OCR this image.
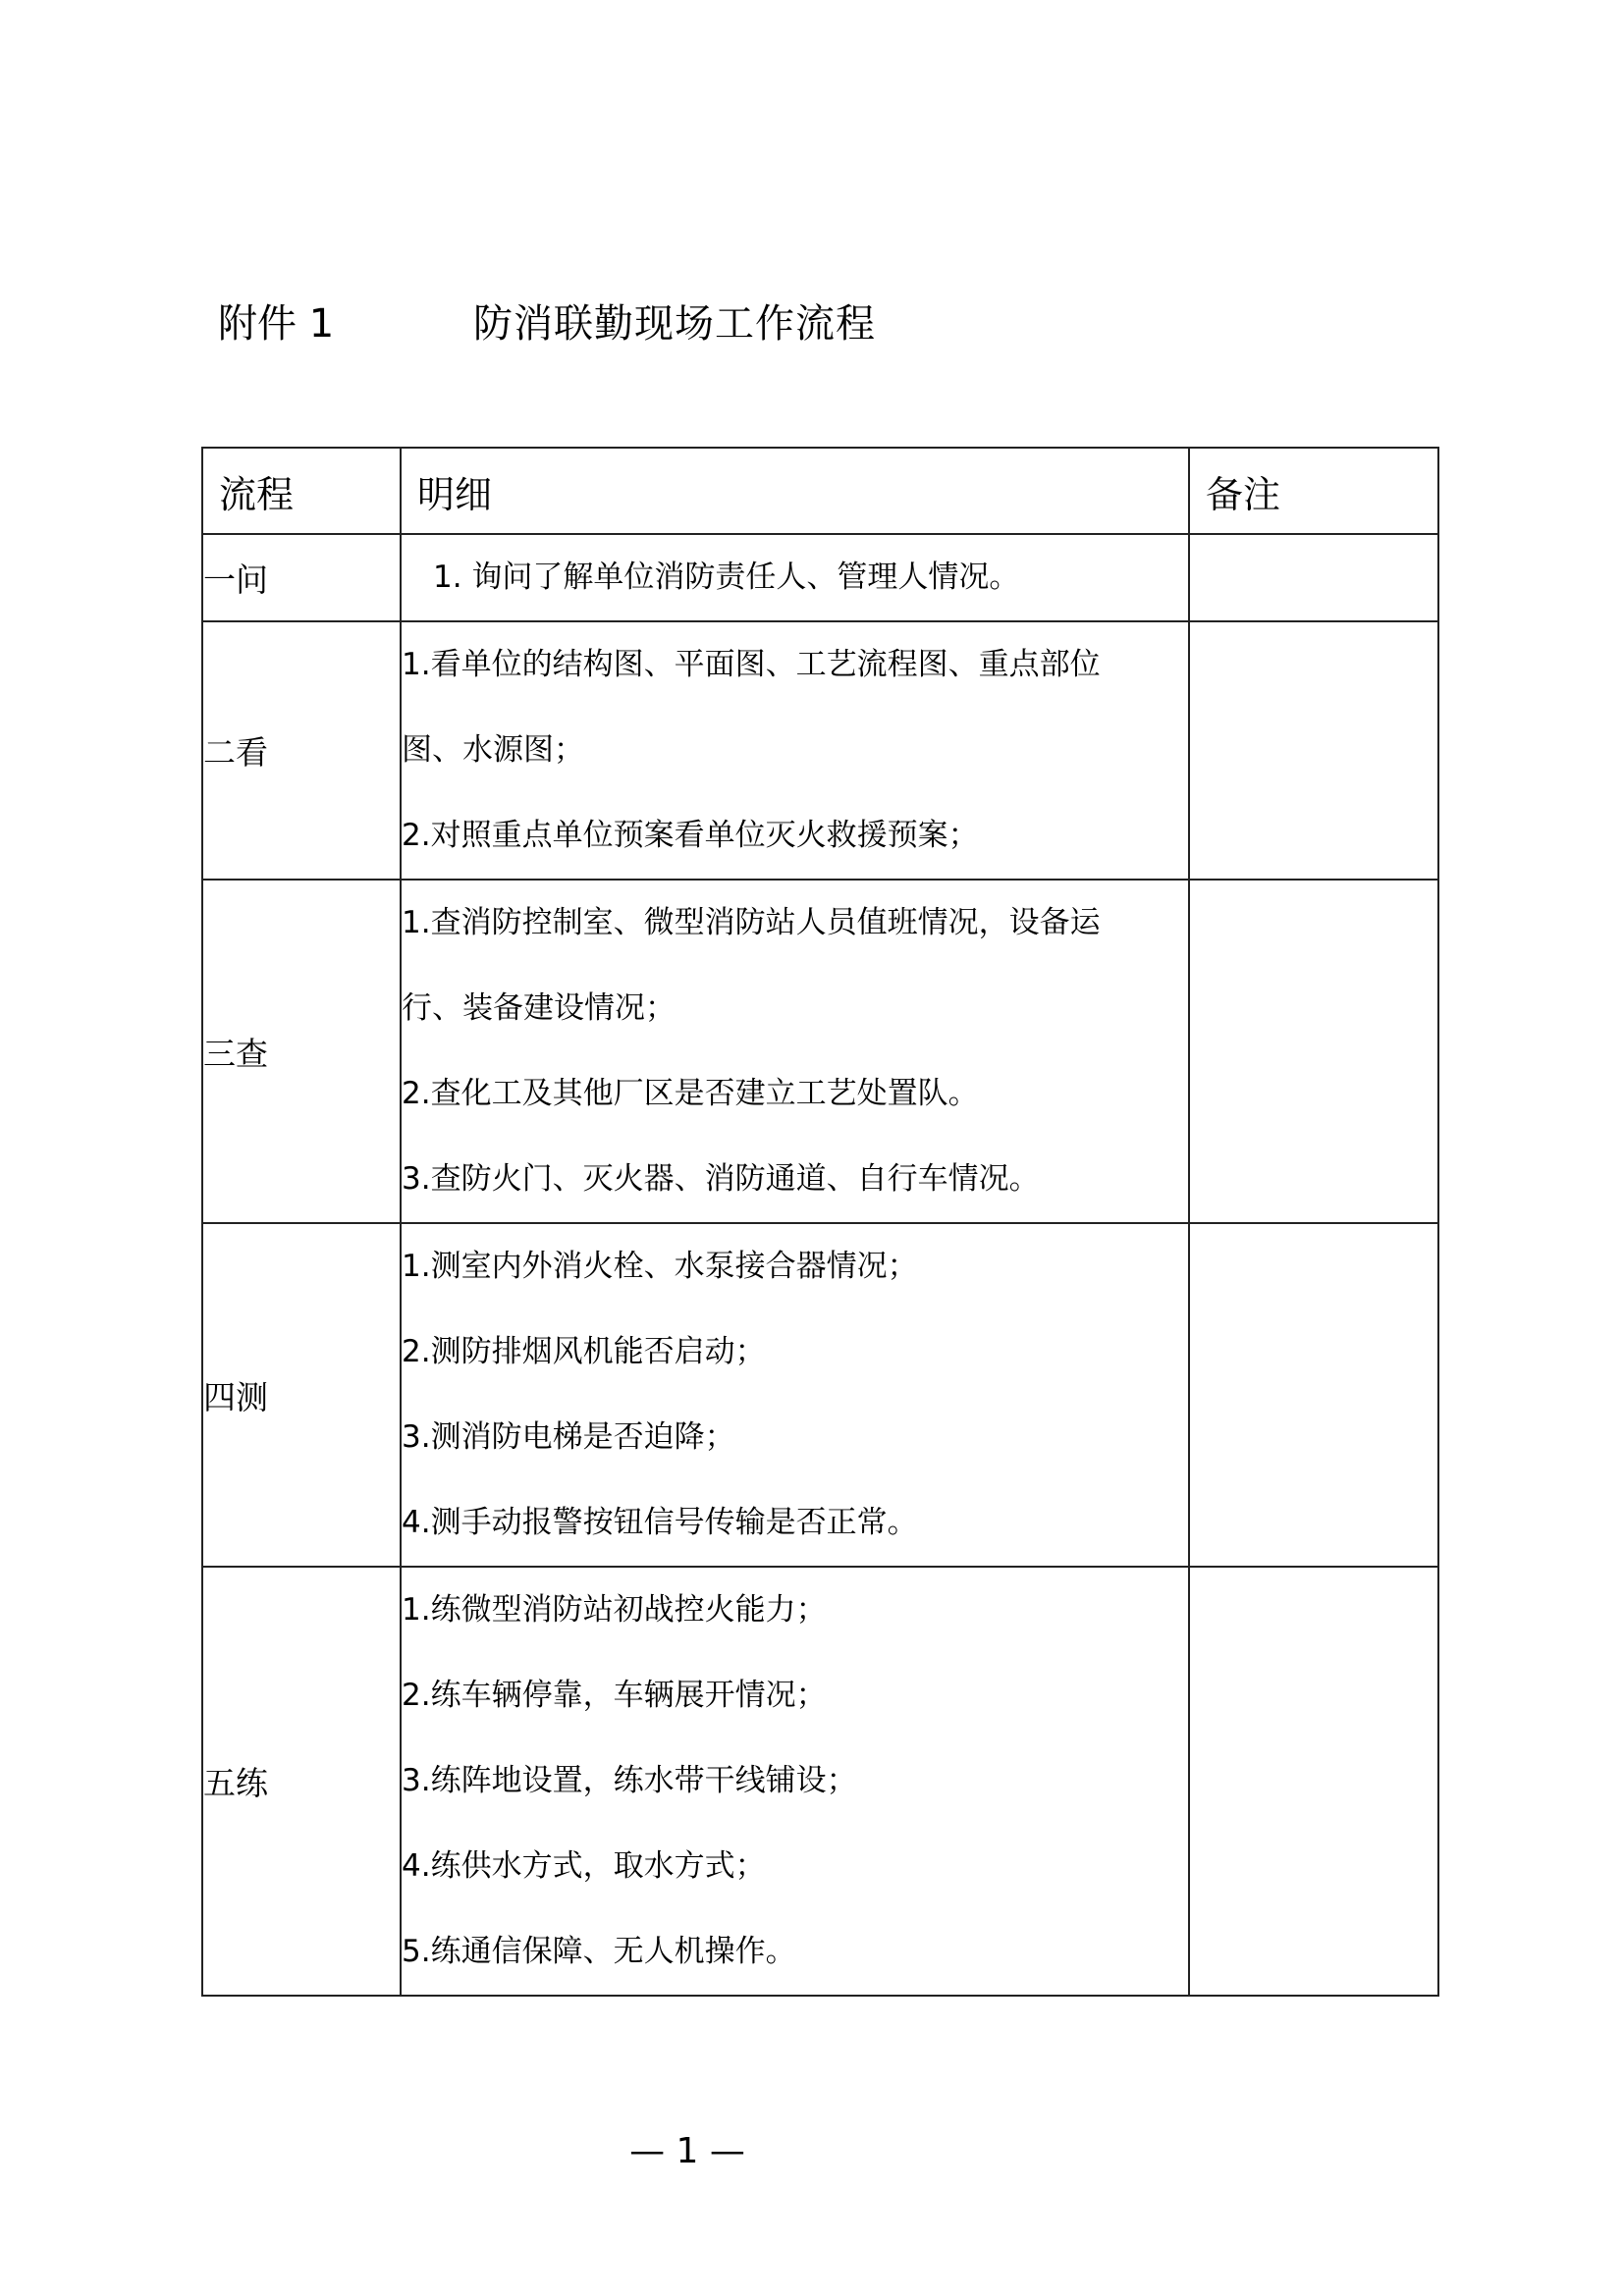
附件 1	防消联勤现场工作流程
流程	明细	备注
一问	1. 询问了解单位消防责任人、管理人情况。	

二看	1.看单位的结构图、平面图、工艺流程图、重点部位
图、水源图；
2.对照重点单位预案看单位灭火救援预案；	

三查	1.查消防控制室、微型消防站人员值班情况，设备运
行、装备建设情况；
2.查化工及其他厂区是否建立工艺处置队。
3.查防火门、灭火器、消防通道、自行车情况。	

四测	1.测室内外消火栓、水泵接合器情况；
2.测防排烟风机能否启动；
3.测消防电梯是否迫降；
4.测手动报警按钮信号传输是否正常。	

五练	1.练微型消防站初战控火能力；
2.练车辆停靠，车辆展开情况；
3.练阵地设置，练水带干线铺设；
4.练供水方式，取水方式；
5.练通信保障、无人机操作。	

— 1 —
